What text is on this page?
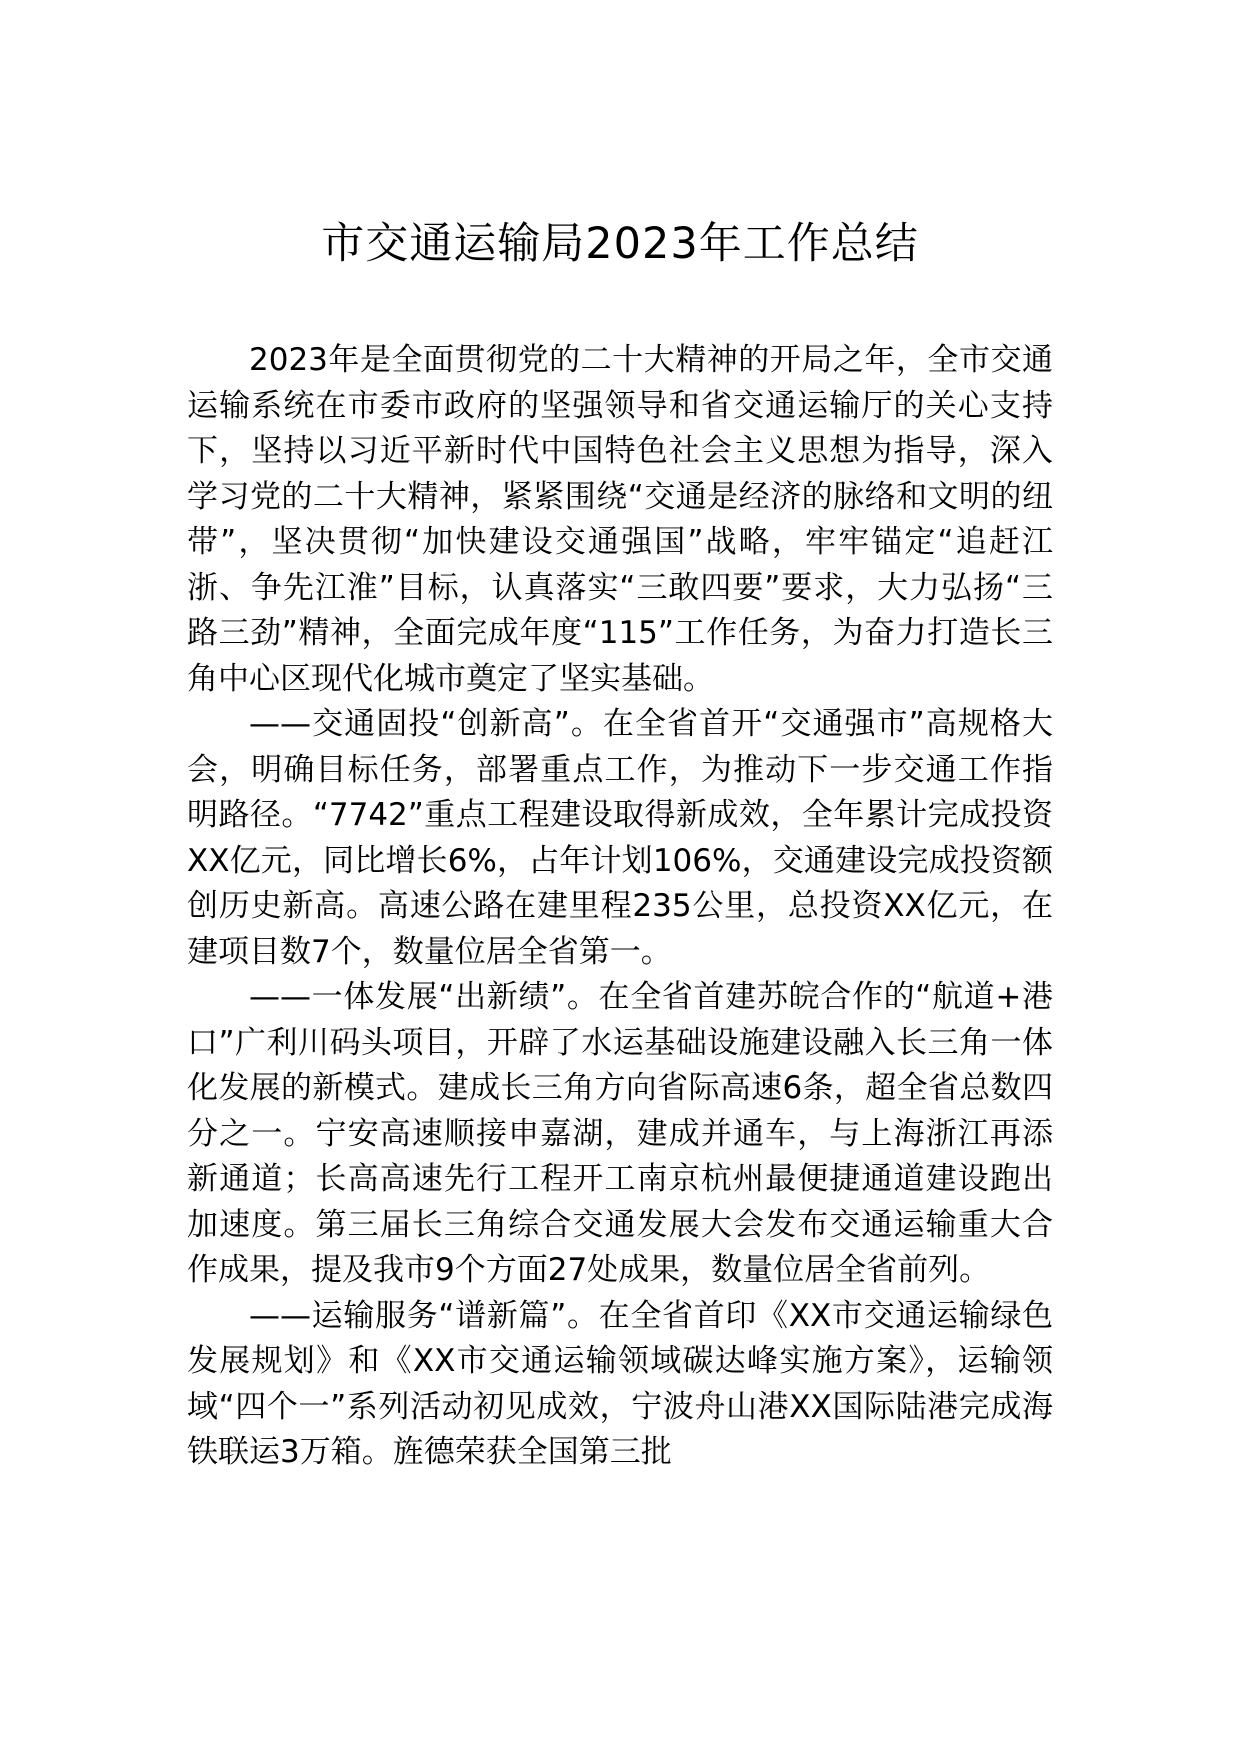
市交通运输局2023年工作总结

2023年是全面贯彻党的二十大精神的开局之年，全市交通运输系统在市委市政府的坚强领导和省交通运输厅的关心支持下，坚持以习近平新时代中国特色社会主义思想为指导，深入学习党的二十大精神，紧紧围绕“交通是经济的脉络和文明的纽带”，坚决贯彻“加快建设交通强国”战略，牢牢锚定“追赶江浙、争先江淮”目标，认真落实“三敢四要”要求，大力弘扬“三路三劲”精神，全面完成年度“115”工作任务，为奋力打造长三角中心区现代化城市奠定了坚实基础。

——交通固投“创新高”。在全省首开“交通强市”高规格大会，明确目标任务，部署重点工作，为推动下一步交通工作指明路径。“7742”重点工程建设取得新成效，全年累计完成投资XX亿元，同比增长6%，占年计划106%，交通建设完成投资额创历史新高。高速公路在建里程235公里，总投资XX亿元，在建项目数7个，数量位居全省第一。

——一体发展“出新绩”。在全省首建苏皖合作的“航道+港口”广利川码头项目，开辟了水运基础设施建设融入长三角一体化发展的新模式。建成长三角方向省际高速6条，超全省总数四分之一。宁安高速顺接申嘉湖，建成并通车，与上海浙江再添新通道；长高高速先行工程开工南京杭州最便捷通道建设跑出加速度。第三届长三角综合交通发展大会发布交通运输重大合作成果，提及我市9个方面27处成果，数量位居全省前列。

——运输服务“谱新篇”。在全省首印《XX市交通运输绿色发展规划》和《XX市交通运输领域碳达峰实施方案》，运输领域“四个一”系列活动初见成效，宁波舟山港XX国际陆港完成海铁联运3万箱。旌德荣获全国第三批
